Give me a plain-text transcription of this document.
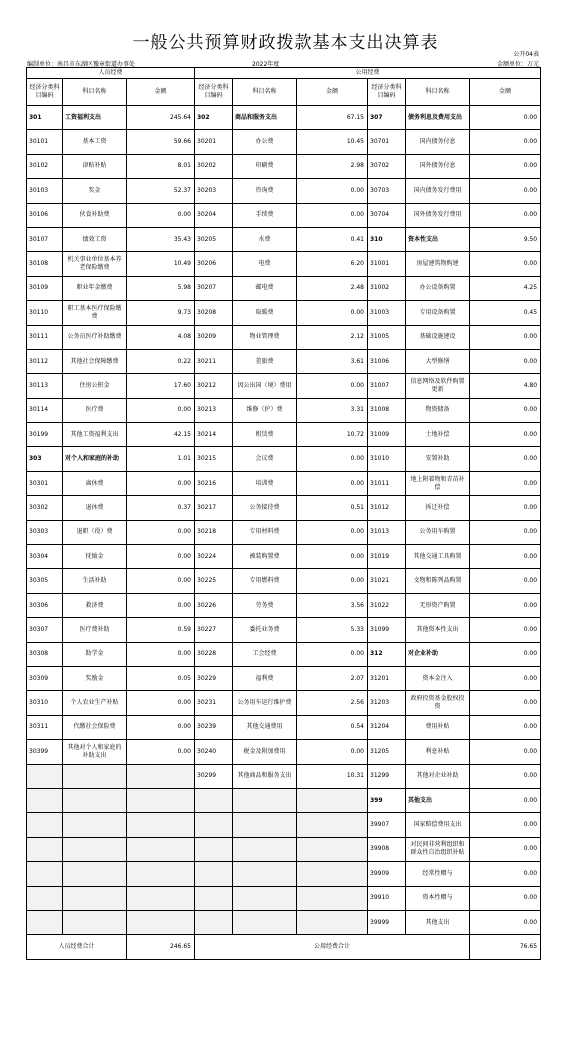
一般公共预算财政拨款基本支出决算表
公开04表
编制单位：南昌市东湖区豫章街道办事处	2022年度	金额单位：万元
人员经费			公用经费					
经济分类科目编码	科目名称	金额	经济分类科目编码	科目名称	金额	经济分类科目编码	科目名称	金额
301	工资福利支出	245.64	302	商品和服务支出	67.15	307	债务利息及费用支出	0.00
30101	基本工资	59.66	30201	办公费	10.45	30701	国内债务付息	0.00
30102	津贴补贴	8.01	30202	印刷费	2.98	30702	国外债务付息	0.00
30103	奖金	52.37	30203	咨询费	0.00	30703	国内债务发行费用	0.00
30106	伙食补助费	0.00	30204	手续费	0.00	30704	国外债务发行费用	0.00
30107	绩效工资	35.43	30205	水费	0.41	310	资本性支出	9.50
30108	机关事业单位基本养老保险缴费	10.49	30206	电费	6.20	31001	房屋建筑物购建	0.00
30109	职业年金缴费	5.98	30207	邮电费	2.48	31002	办公设备购置	4.25
30110	职工基本医疗保险缴费	9.73	30208	取暖费	0.00	31003	专用设备购置	0.45
30111	公务员医疗补助缴费	4.08	30209	物业管理费	2.12	31005	基础设施建设	0.00
30112	其他社会保障缴费	0.22	30211	差旅费	3.61	31006	大型修缮	0.00
30113	住房公积金	17.60	30212	因公出国（境）费用	0.00	31007	信息网络及软件购置更新	4.80
30114	医疗费	0.00	30213	维修（护）费	3.31	31008	物资储备	0.00
30199	其他工资福利支出	42.15	30214	租赁费	10.72	31009	土地补偿	0.00
303	对个人和家庭的补助	1.01	30215	会议费	0.00	31010	安置补助	0.00
30301	离休费	0.00	30216	培训费	0.00	31011	地上附着物和青苗补偿	0.00
30302	退休费	0.37	30217	公务接待费	0.51	31012	拆迁补偿	0.00
30303	退职（役）费	0.00	30218	专用材料费	0.00	31013	公务用车购置	0.00
30304	抚恤金	0.00	30224	被装购置费	0.00	31019	其他交通工具购置	0.00
30305	生活补助	0.00	30225	专用燃料费	0.00	31021	文物和陈列品购置	0.00
30306	救济费	0.00	30226	劳务费	3.56	31022	无形资产购置	0.00
30307	医疗费补助	0.59	30227	委托业务费	5.33	31099	其他资本性支出	0.00
30308	助学金	0.00	30228	工会经费	0.00	312	对企业补助	0.00
30309	奖励金	0.05	30229	福利费	2.07	31201	资本金注入	0.00
30310	个人农业生产补贴	0.00	30231	公务用车运行维护费	2.56	31203	政府投资基金股权投资	0.00
30311	代缴社会保险费	0.00	30239	其他交通费用	0.54	31204	费用补贴	0.00
30399	其他对个人和家庭的补助支出	0.00	30240	税金及附加费用	0.00	31205	利息补贴	0.00
			30299	其他商品和服务支出	10.31	31299	其他对企业补助	0.00
						399	其他支出	0.00
						39907	国家赔偿费用支出	0.00
						39908	对民间非营利组织和群众性自治组织补贴	0.00
						39909	经常性赠与	0.00
						39910	资本性赠与	0.00
						39999	其他支出	0.00
人员经费合计		246.65	公用经费合计					76.65
